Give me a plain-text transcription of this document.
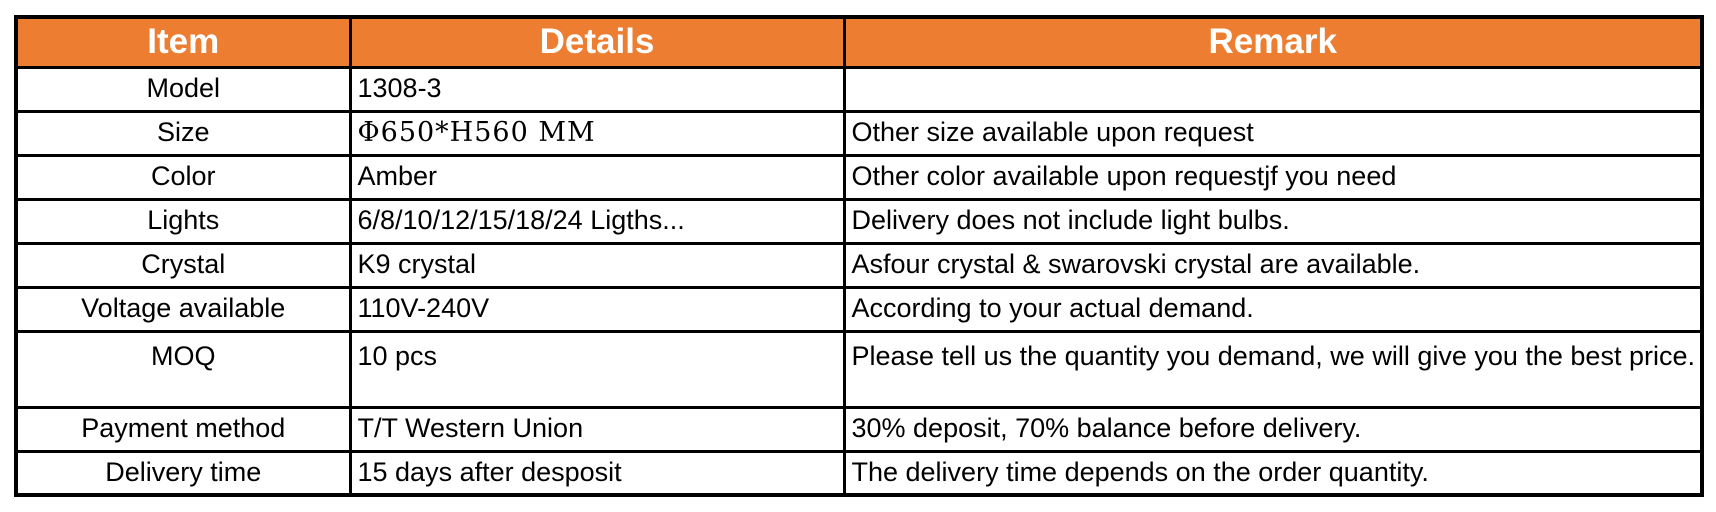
Item	Details	Remark
Model	1308-3	
Size	Φ650*H560 MM	Other size available upon request
Color	Amber	Other color available upon requestjf you need
Lights	6/8/10/12/15/18/24 Ligths...	Delivery does not include light bulbs.
Crystal	K9 crystal	Asfour crystal & swarovski crystal are available.
Voltage available	110V-240V	According to your actual demand.
MOQ	10 pcs	Please tell us the quantity you demand, we will give you the best price.
Payment method	T/T Western Union	30% deposit, 70% balance before delivery.
Delivery time	15 days after desposit	The delivery time depends on the order quantity.
